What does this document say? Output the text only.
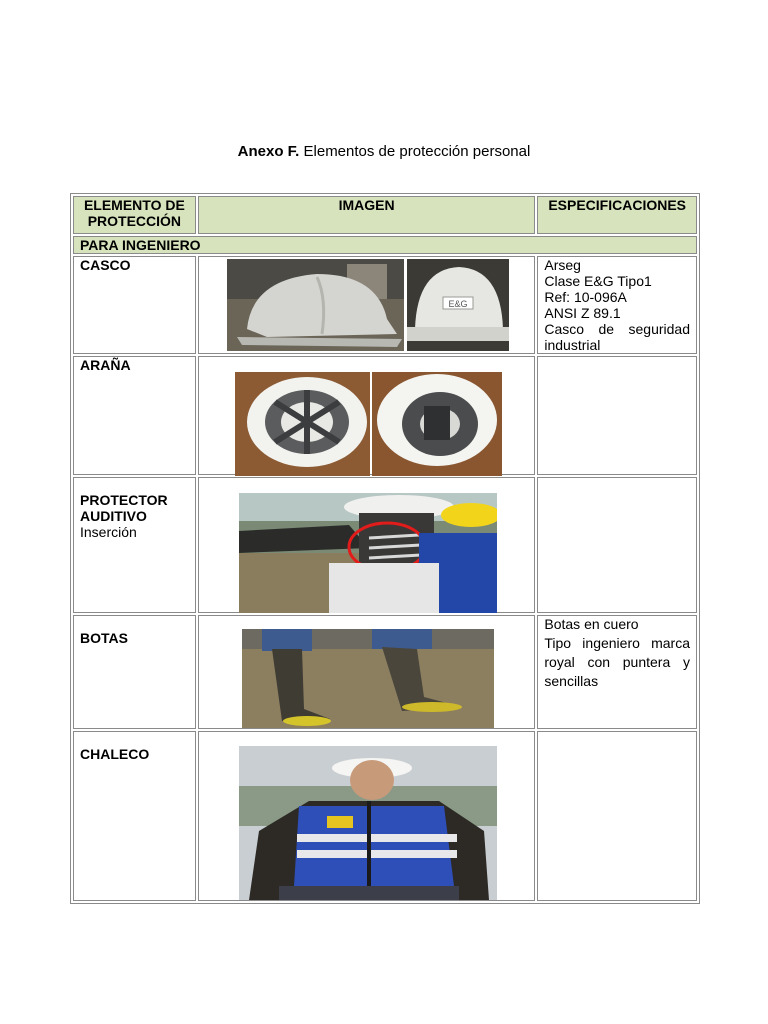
Anexo F. Elementos de protección personal
ELEMENTO DE PROTECCIÓN	IMAGEN	ESPECIFICACIONES
PARA INGENIERO		

CASCO	E&G	Arseg
Clase E&G Tipo1
Ref: 10-096A
ANSI Z 89.1
Casco de seguridad industrial

ARAÑA

PROTECTOR AUDITIVO
Inserción

BOTAS		Botas en cuero
Tipo ingeniero marca royal con puntera y sencillas

CHALECO
